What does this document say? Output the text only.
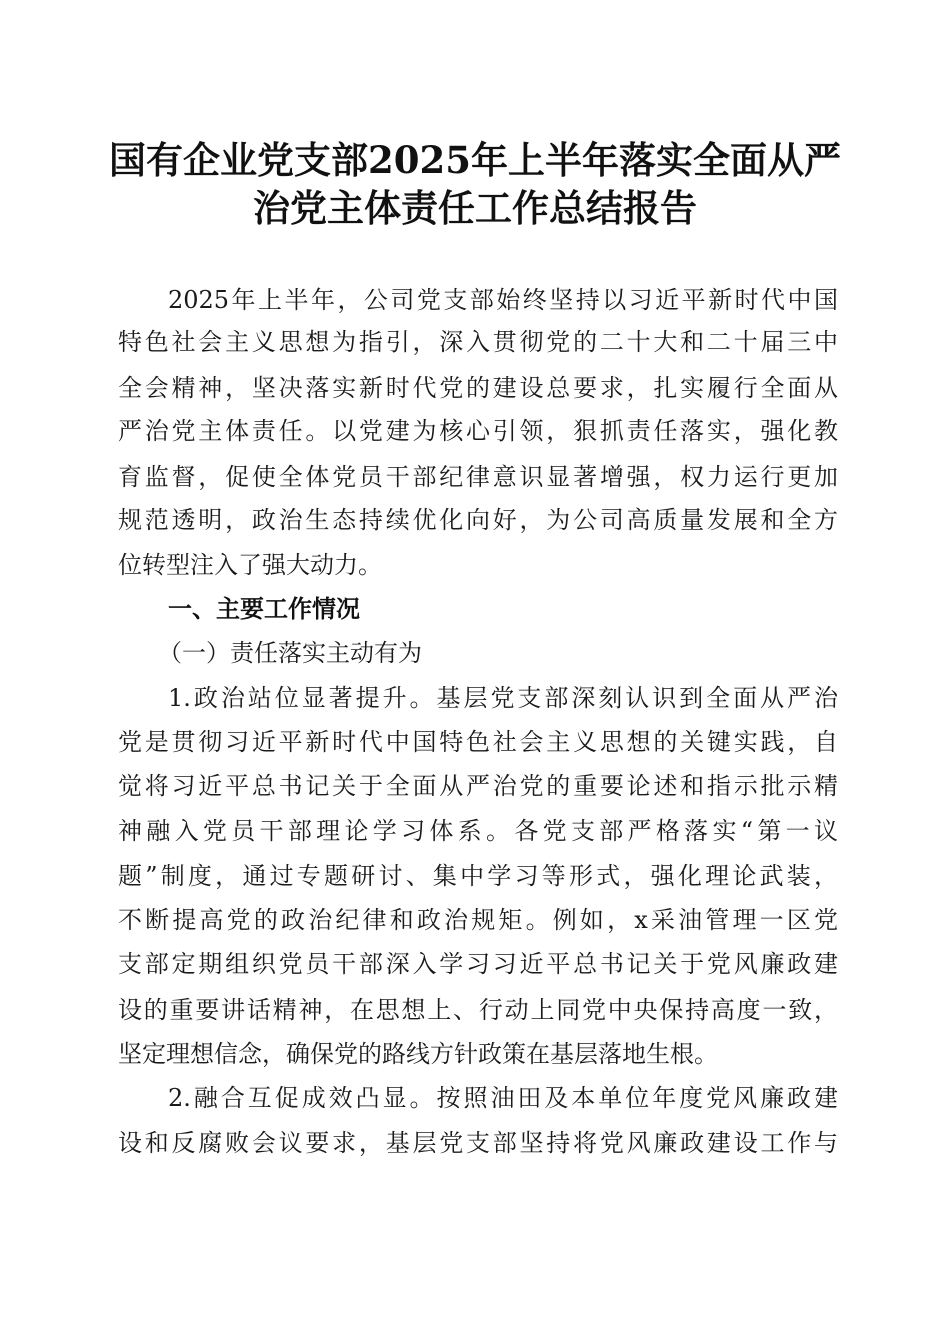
国有企业党支部2025年上半年落实全面从严
治党主体责任工作总结报告

2025年上半年，公司党支部始终坚持以习近平新时代中国

特色社会主义思想为指引，深入贯彻党的二十大和二十届三中

全会精神，坚决落实新时代党的建设总要求，扎实履行全面从

严治党主体责任。以党建为核心引领，狠抓责任落实，强化教

育监督，促使全体党员干部纪律意识显著增强，权力运行更加

规范透明，政治生态持续优化向好，为公司高质量发展和全方

位转型注入了强大动力。

一、主要工作情况

（一）责任落实主动有为

1.政治站位显著提升。基层党支部深刻认识到全面从严治

党是贯彻习近平新时代中国特色社会主义思想的关键实践，自

觉将习近平总书记关于全面从严治党的重要论述和指示批示精

神融入党员干部理论学习体系。各党支部严格落实“第一议

题”制度，通过专题研讨、集中学习等形式，强化理论武装，

不断提高党的政治纪律和政治规矩。例如，x采油管理一区党

支部定期组织党员干部深入学习习近平总书记关于党风廉政建

设的重要讲话精神，在思想上、行动上同党中央保持高度一致，

坚定理想信念，确保党的路线方针政策在基层落地生根。

2.融合互促成效凸显。按照油田及本单位年度党风廉政建

设和反腐败会议要求，基层党支部坚持将党风廉政建设工作与
